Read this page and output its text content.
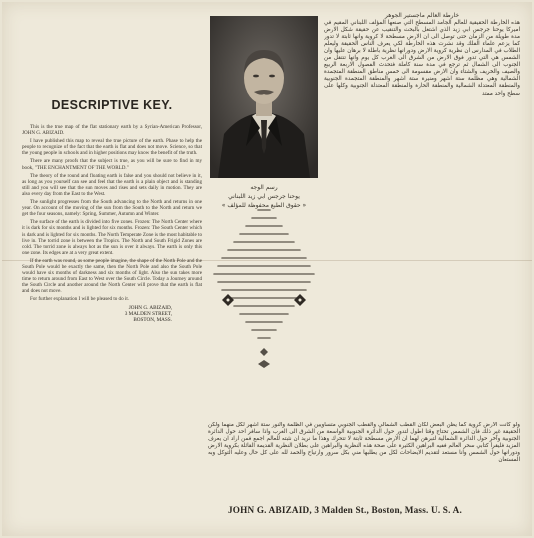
رسم الوجه
يوحنا جرجس ابي زيد اللبناني
« حقوق الطبع محفوظة للمؤلف »
DESCRIPTIVE KEY.

This is the true map of the flat stationary earth by a Syrian-American Professor, JOHN G. ABIZAID.

I have published this map to reveal the true picture of the earth. Phase to help the people to recognize of the fact that the earth is flat and does not move. Science, so that the young people in schools and in higher positions may know the benefit of the truth.

There are many proofs that the subject is true, as you will be sure to find in my book, "THE ENCHANTMENT OF THE WORLD."

The theory of the round and floating earth is false and you should not believe in it, as long as you yourself can see and feel that the earth is a plain object and is standing still and you will see that the sun moves and rises and sets daily in motion. They are also every day from the East to the West.

The sunlight progresses from the South advancing to the North and returns in one year. On account of the moving of the sun from the South to the North and return we get the four seasons, namely: Spring, Summer, Autumn and Winter.

The surface of the earth is divided into five zones. Frozen: The North Center where it is dark for six months and is lighted for six months. Frozen: The South Center which is dark and is lighted for six months. The North Temperate Zone is the most habitable to live in. The torrid zone is between the Tropics. The North and South Frigid Zones are cold. The torrid zone is always hot as the sun is over it always. The earth is only this one zone. Its edges are at a very great extent.

If the earth was round, as some people imagine, the shape of the North Pole and the South Pole would be exactly the same, then the North Pole and also the South Pole would have six months of darkness and six months of light. Also the sun takes more time to return around from East to West over the South Circle. Today a Journey around the South Circle and another around the North Center will prove that the earth is flat and does not move.

For further explanation I will be pleased to do it.

JOHN G. ABIZAID,
3 MALDEN STREET,
BOSTON, MASS.
خارطة العالم ماجستير الجوهر
هذه الخارطة الحقيقية للعالم الجامد المسطح التي صنعها المؤلف اللبناني المقيم في اميركا يوحنا جرجس ابي زيد الذي اشتغل بالبحث والتنقيب عن حقيقة شكل الارض مدة طويلة من الزمان حتى توصل الى ان الارض مسطحة لا كروية وانها ثابتة لا تدور كما يزعم علماء الفلك وقد نشرت هذه الخارطة لكي يعرف الناس الحقيقة وليعلم الطلاب في المدارس ان نظرية كروية الارض ودورانها نظرية باطلة لا برهان عليها وان الشمس هي التي تدور فوق الارض من الشرق الى الغرب كل يوم وانها تنتقل من الجنوب الى الشمال ثم ترجع في مدة سنة كاملة فتحدث الفصول الاربعة الربيع والصيف والخريف والشتاء وان الارض مقسومة الى خمس مناطق المنطقة المتجمدة الشمالية وهي مظلمة ستة اشهر ومنيرة ستة اشهر والمنطقة المتجمدة الجنوبية والمنطقة المعتدلة الشمالية والمنطقة الحارة والمنطقة المعتدلة الجنوبية وكلها على سطح واحد ممتد
ولو كانت الارض كروية كما يظن البعض لكان القطب الشمالي والقطب الجنوبي متساويين في الظلمة والنور ستة اشهر لكل منهما ولكن الحقيقة غير ذلك فان الشمس تحتاج وقتا اطول لتدور حول الدائرة الجنوبية الواسعة من الشرق الى الغرب واذا سافر احد حول الدائرة الجنوبية وآخر حول الدائرة الشمالية لتبرهن لهما ان الارض مسطحة ثابتة لا تتحرك وهذا ما نريد ان نثبته للعالم اجمع فمن اراد ان يعرف المزيد فليقرأ كتابي سحر العالم ففيه البراهين الكثيرة على صحة هذه النظرية والبراهين على بطلان النظرية القديمة القائلة بكروية الارض ودورانها حول الشمس وانا مستعد لتقديم الايضاحات لكل من يطلبها مني بكل سرور وارتياح والحمد لله على كل حال وعليه التوكل وبه المستعان
JOHN G. ABIZAID, 3 Malden St., Boston, Mass. U. S. A.
